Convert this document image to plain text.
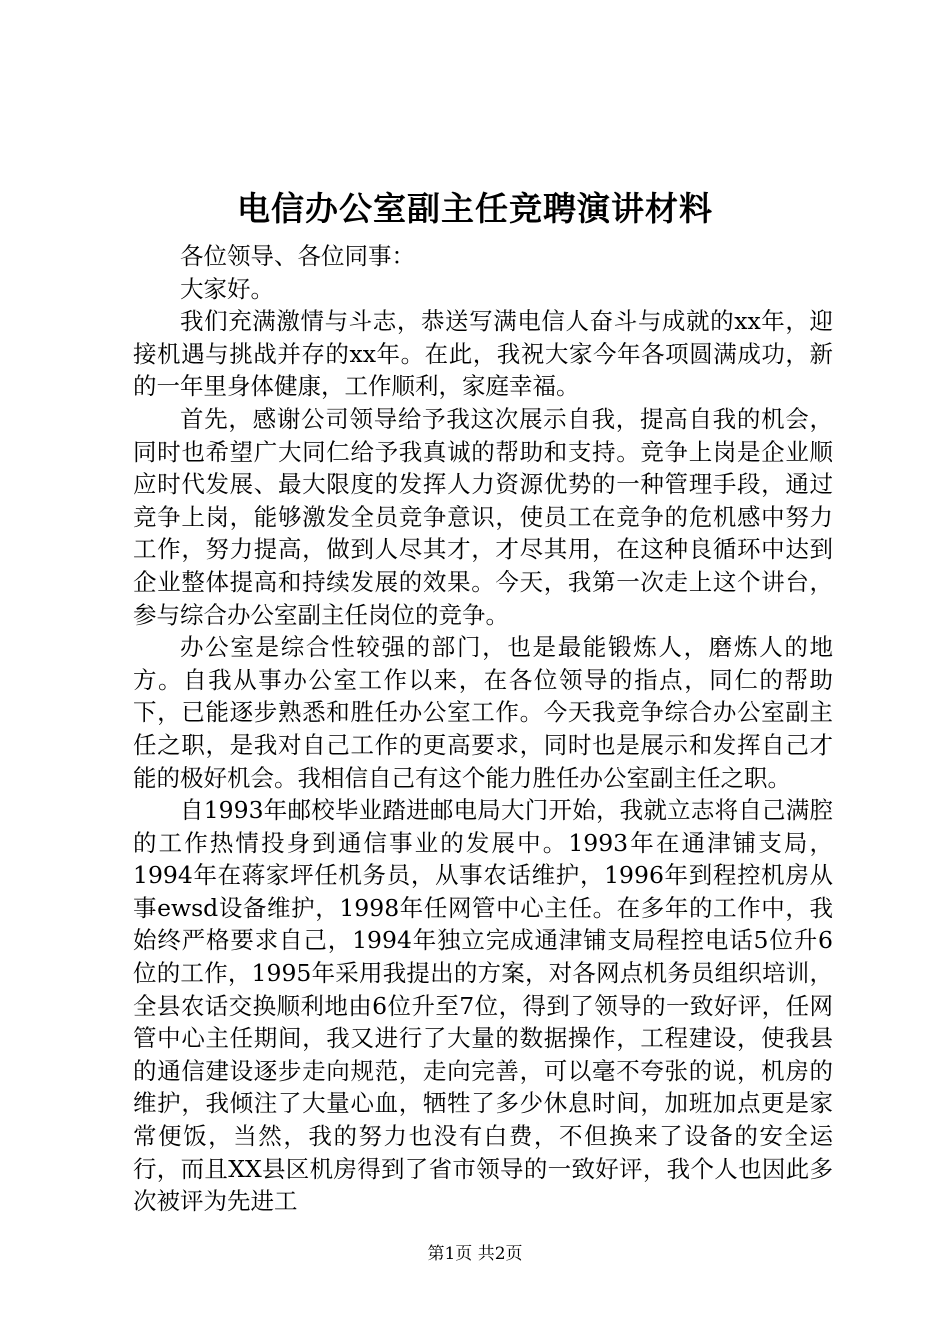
电信办公室副主任竞聘演讲材料

各位领导、各位同事：

大家好。

我们充满激情与斗志，恭送写满电信人奋斗与成就的xx年，迎接机遇与挑战并存的xx年。在此，我祝大家今年各项圆满成功，新的一年里身体健康，工作顺利，家庭幸福。

首先，感谢公司领导给予我这次展示自我，提高自我的机会，同时也希望广大同仁给予我真诚的帮助和支持。竞争上岗是企业顺应时代发展、最大限度的发挥人力资源优势的一种管理手段，通过竞争上岗，能够激发全员竞争意识，使员工在竞争的危机感中努力工作，努力提高，做到人尽其才，才尽其用，在这种良循环中达到企业整体提高和持续发展的效果。今天，我第一次走上这个讲台，参与综合办公室副主任岗位的竞争。

办公室是综合性较强的部门，也是最能锻炼人，磨炼人的地方。自我从事办公室工作以来，在各位领导的指点，同仁的帮助下，已能逐步熟悉和胜任办公室工作。今天我竞争综合办公室副主任之职，是我对自己工作的更高要求，同时也是展示和发挥自己才能的极好机会。我相信自己有这个能力胜任办公室副主任之职。

自1993年邮校毕业踏进邮电局大门开始，我就立志将自己满腔的工作热情投身到通信事业的发展中。1993年在通津铺支局，1994年在蒋家坪任机务员，从事农话维护，1996年到程控机房从事ewsd设备维护，1998年任网管中心主任。在多年的工作中，我始终严格要求自己，1994年独立完成通津铺支局程控电话5位升6位的工作，1995年采用我提出的方案，对各网点机务员组织培训，全县农话交换顺利地由6位升至7位，得到了领导的一致好评，任网管中心主任期间，我又进行了大量的数据操作，工程建设，使我县的通信建设逐步走向规范，走向完善，可以毫不夸张的说，机房的维护，我倾注了大量心血，牺牲了多少休息时间，加班加点更是家常便饭，当然，我的努力也没有白费，不但换来了设备的安全运行，而且XX县区机房得到了省市领导的一致好评，我个人也因此多次被评为先进工

第1页 共2页
